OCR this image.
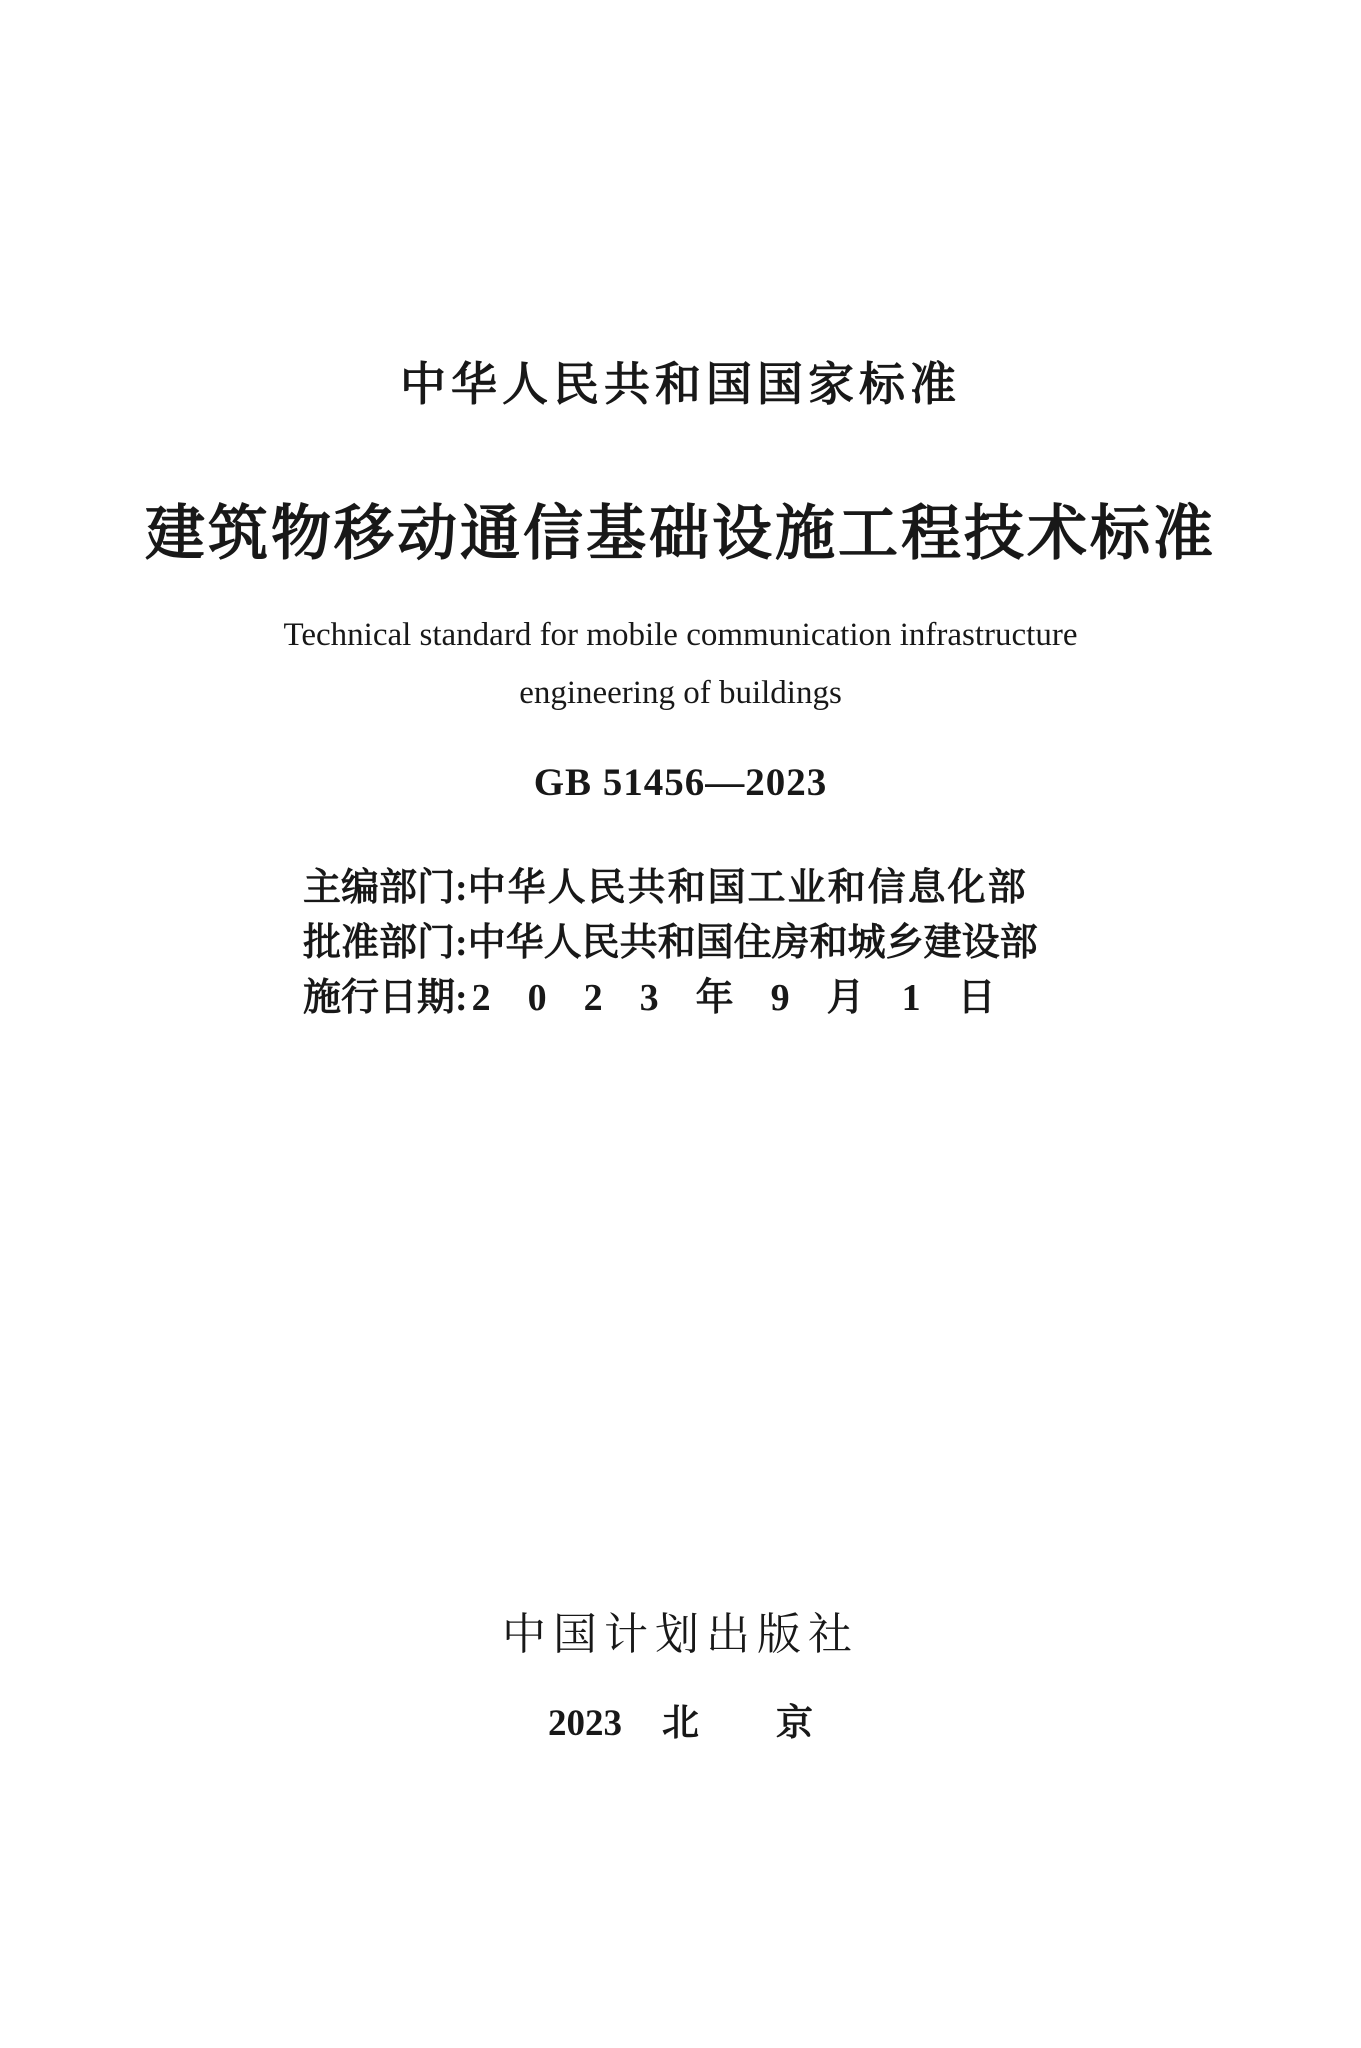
中华人民共和国国家标准
建筑物移动通信基础设施工程技术标准
Technical standard for mobile communication infrastructure
engineering of buildings
GB 51456—2023
主编部门: 中华人民共和国工业和信息化部
批准部门: 中华人民共和国住房和城乡建设部
施行日期: 2023年9月1日
中国计划出版社
2023 北 京
